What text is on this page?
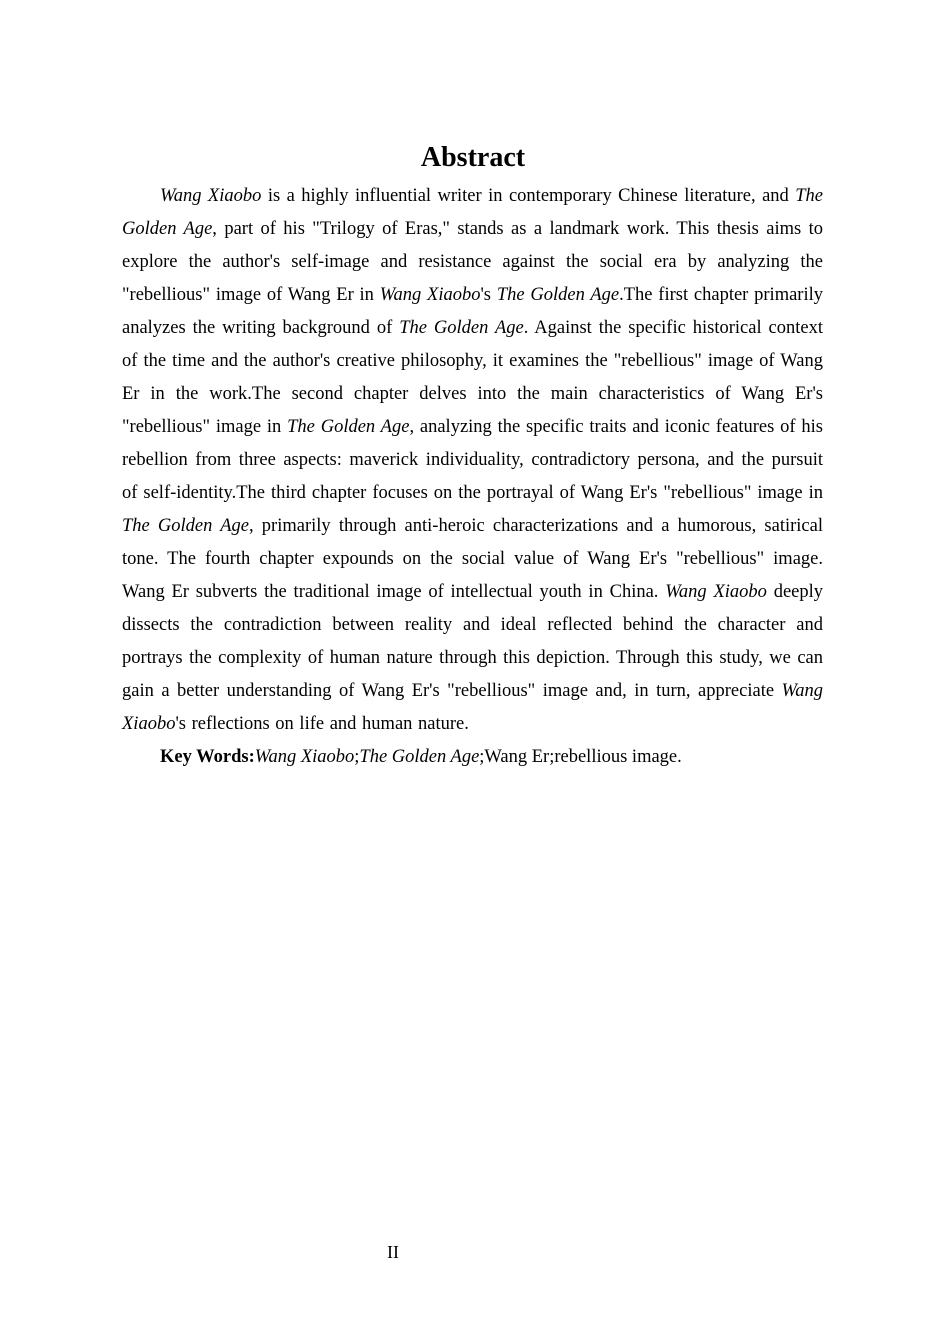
Abstract

Wang Xiaobo is a highly influential writer in contemporary Chinese literature, and The Golden Age, part of his "Trilogy of Eras," stands as a landmark work. This thesis aims to explore the author's self-image and resistance against the social era by analyzing the "rebellious" image of Wang Er in Wang Xiaobo's The Golden Age.The first chapter primarily analyzes the writing background of The Golden Age. Against the specific historical context of the time and the author's creative philosophy, it examines the "rebellious" image of Wang Er in the work.The second chapter delves into the main characteristics of Wang Er's "rebellious" image in The Golden Age, analyzing the specific traits and iconic features of his rebellion from three aspects: maverick individuality, contradictory persona, and the pursuit of self-identity.The third chapter focuses on the portrayal of Wang Er's "rebellious" image in The Golden Age, primarily through anti-heroic characterizations and a humorous, satirical tone. The fourth chapter expounds on the social value of Wang Er's "rebellious" image. Wang Er subverts the traditional image of intellectual youth in China. Wang Xiaobo deeply dissects the contradiction between reality and ideal reflected behind the character and portrays the complexity of human nature through this depiction. Through this study, we can gain a better understanding of Wang Er's "rebellious" image and, in turn, appreciate Wang Xiaobo's reflections on life and human nature.

Key Words:Wang Xiaobo;The Golden Age;Wang Er;rebellious image.

II
